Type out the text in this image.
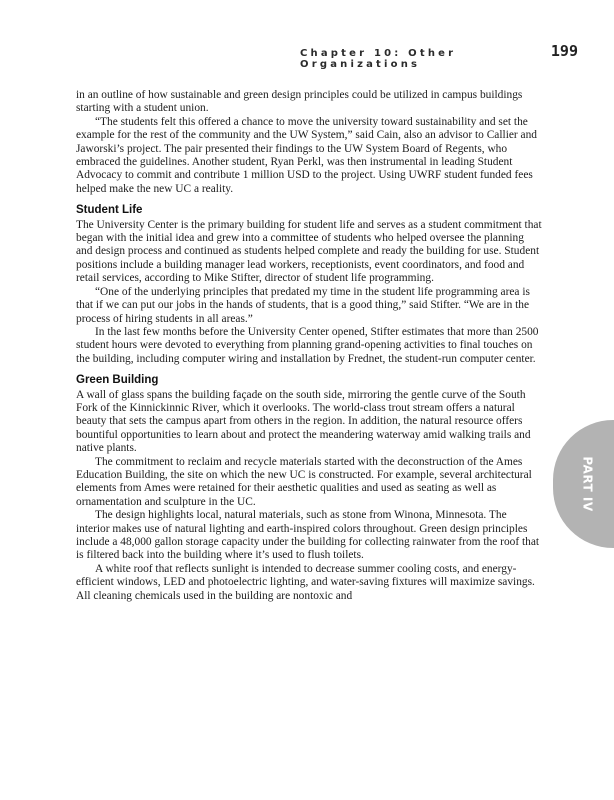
Chapter 10: Other Organizations
199
PART IV

in an outline of how sustainable and green design principles could be utilized in campus buildings starting with a student union.

“The students felt this offered a chance to move the university toward sustainability and set the example for the rest of the community and the UW System,” said Cain, also an advisor to Callier and Jaworski’s project. The pair presented their findings to the UW System Board of Regents, who embraced the guidelines. Another student, Ryan Perkl, was then instrumental in leading Student Advocacy to commit and contribute 1 million USD to the project. Using UWRF student funded fees helped make the new UC a reality.

Student Life

The University Center is the primary building for student life and serves as a student commitment that began with the initial idea and grew into a committee of students who helped oversee the planning and design process and continued as students helped complete and ready the building for use. Student positions include a building manager lead workers, receptionists, event coordinators, and food and retail services, according to Mike Stifter, director of student life programming.

“One of the underlying principles that predated my time in the student life programming area is that if we can put our jobs in the hands of students, that is a good thing,” said Stifter. “We are in the process of hiring students in all areas.”

In the last few months before the University Center opened, Stifter estimates that more than 2500 student hours were devoted to everything from planning grand-opening activities to final touches on the building, including computer wiring and installation by Frednet, the student-run computer center.

Green Building

A wall of glass spans the building façade on the south side, mirroring the gentle curve of the South Fork of the Kinnickinnic River, which it overlooks. The world-class trout stream offers a natural beauty that sets the campus apart from others in the region. In addition, the natural resource offers bountiful opportunities to learn about and protect the meandering waterway amid walking trails and native plants.

The commitment to reclaim and recycle materials started with the deconstruction of the Ames Education Building, the site on which the new UC is constructed. For example, several architectural elements from Ames were retained for their aesthetic qualities and used as seating as well as ornamentation and sculpture in the UC.

The design highlights local, natural materials, such as stone from Winona, Minnesota. The interior makes use of natural lighting and earth-inspired colors throughout. Green design principles include a 48,000 gallon storage capacity under the building for collecting rainwater from the roof that is filtered back into the building where it’s used to flush toilets.

A white roof that reflects sunlight is intended to decrease summer cooling costs, and energy-efficient windows, LED and photoelectric lighting, and water-saving fixtures will maximize savings. All cleaning chemicals used in the building are nontoxic and
